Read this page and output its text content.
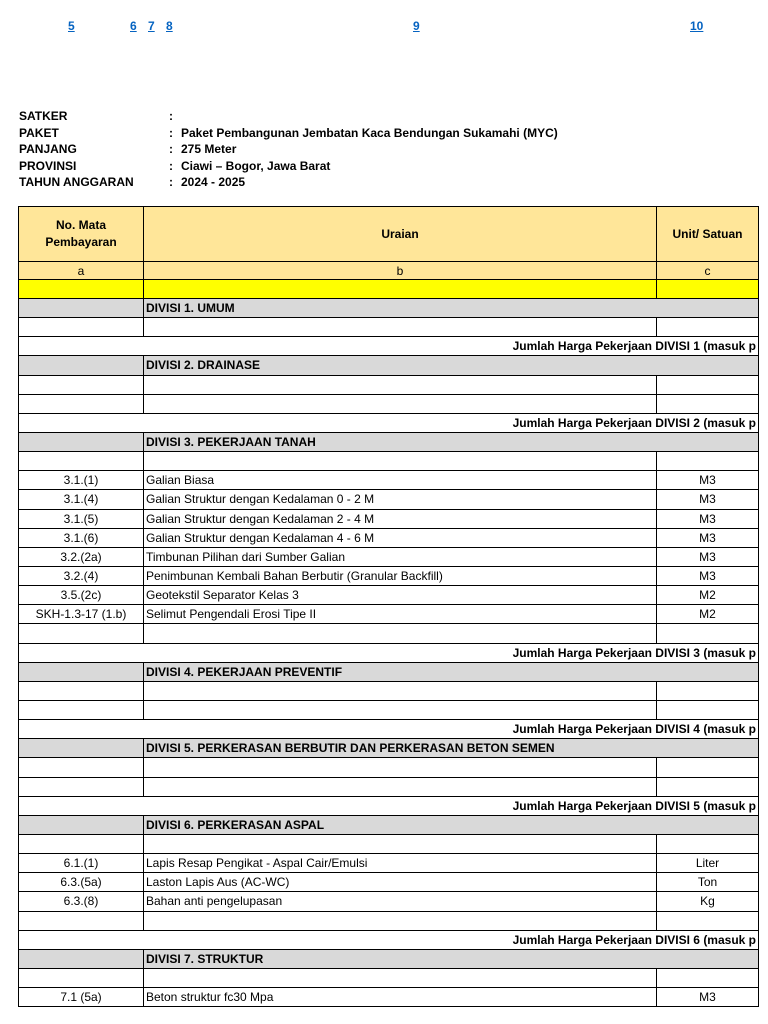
5	6 7 8	9	10
SATKER	:
PAKET	: Paket Pembangunan Jembatan Kaca Bendungan Sukamahi (MYC)
PANJANG	: 275 Meter
PROVINSI	: Ciawi – Bogor, Jawa Barat
TAHUN ANGGARAN	: 2024 - 2025
No. Mata Pembayaran	Uraian	Unit/ Satuan
a	b	c

	DIVISI 1. UMUM	

Jumlah Harga Pekerjaan DIVISI 1 (masuk p		
	DIVISI 2. DRAINASE	

Jumlah Harga Pekerjaan DIVISI 2 (masuk p		
	DIVISI 3. PEKERJAAN TANAH	

3.1.(1)	Galian Biasa	M3
3.1.(4)	Galian Struktur dengan Kedalaman 0 - 2 M	M3
3.1.(5)	Galian Struktur dengan Kedalaman 2 - 4 M	M3
3.1.(6)	Galian Struktur dengan Kedalaman 4 - 6 M	M3
3.2.(2a)	Timbunan Pilihan dari Sumber Galian	M3
3.2.(4)	Penimbunan Kembali Bahan Berbutir (Granular Backfill)	M3
3.5.(2c)	Geotekstil Separator Kelas 3	M2
SKH-1.3-17 (1.b)	Selimut Pengendali Erosi Tipe II	M2

Jumlah Harga Pekerjaan DIVISI 3 (masuk p		
	DIVISI 4. PEKERJAAN PREVENTIF	

Jumlah Harga Pekerjaan DIVISI 4 (masuk p		
	DIVISI 5. PERKERASAN BERBUTIR DAN PERKERASAN BETON SEMEN	

Jumlah Harga Pekerjaan DIVISI 5 (masuk p		
	DIVISI 6. PERKERASAN ASPAL	

6.1.(1)	Lapis Resap Pengikat - Aspal Cair/Emulsi	Liter
6.3.(5a)	Laston Lapis Aus (AC-WC)	Ton
6.3.(8)	Bahan anti pengelupasan	Kg

Jumlah Harga Pekerjaan DIVISI 6 (masuk p		
	DIVISI 7. STRUKTUR	

7.1 (5a)	Beton struktur fc30 Mpa	M3
